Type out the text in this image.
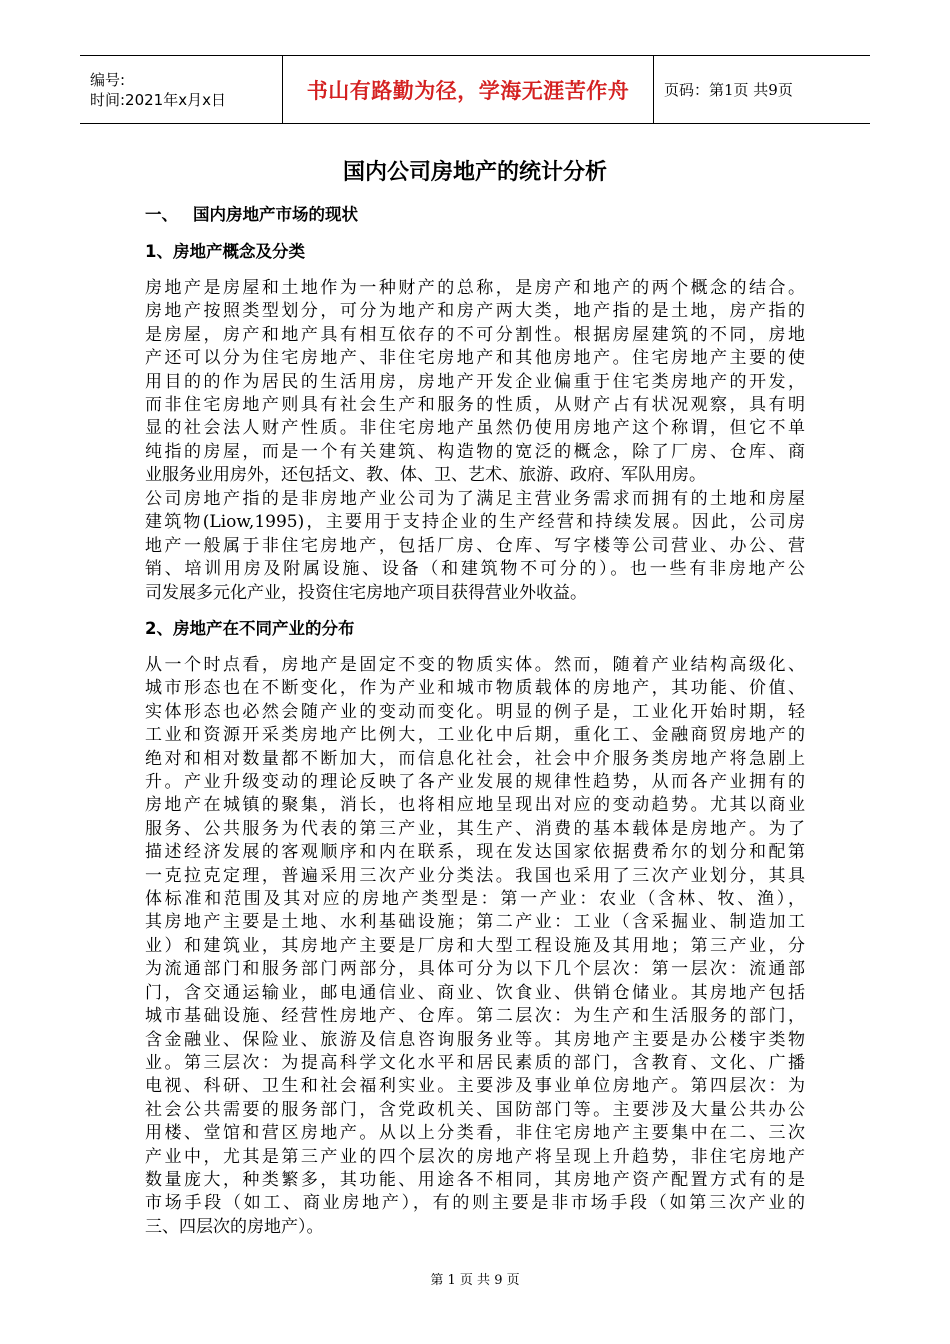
编号:
时间:2021年x月x日	书山有路勤为径，学海无涯苦作舟	页码：第1页 共9页
国内公司房地产的统计分析
一、 国内房地产市场的现状
1、房地产概念及分类
房地产是房屋和土地作为一种财产的总称，是房产和地产的两个概念的结合。
房地产按照类型划分，可分为地产和房产两大类，地产指的是土地，房产指的
是房屋，房产和地产具有相互依存的不可分割性。根据房屋建筑的不同，房地
产还可以分为住宅房地产、非住宅房地产和其他房地产。住宅房地产主要的使
用目的的作为居民的生活用房，房地产开发企业偏重于住宅类房地产的开发，
而非住宅房地产则具有社会生产和服务的性质，从财产占有状况观察，具有明
显的社会法人财产性质。非住宅房地产虽然仍使用房地产这个称谓，但它不单
纯指的房屋，而是一个有关建筑、构造物的宽泛的概念，除了厂房、仓库、商
业服务业用房外，还包括文、教、体、卫、艺术、旅游、政府、军队用房。
公司房地产指的是非房地产业公司为了满足主营业务需求而拥有的土地和房屋
建筑物(Liow,1995)，主要用于支持企业的生产经营和持续发展。因此，公司房
地产一般属于非住宅房地产，包括厂房、仓库、写字楼等公司营业、办公、营
销、培训用房及附属设施、设备（和建筑物不可分的）。也一些有非房地产公
司发展多元化产业，投资住宅房地产项目获得营业外收益。
2、房地产在不同产业的分布
从一个时点看，房地产是固定不变的物质实体。然而，随着产业结构高级化、
城市形态也在不断变化，作为产业和城市物质载体的房地产，其功能、价值、
实体形态也必然会随产业的变动而变化。明显的例子是，工业化开始时期，轻
工业和资源开采类房地产比例大，工业化中后期，重化工、金融商贸房地产的
绝对和相对数量都不断加大，而信息化社会，社会中介服务类房地产将急剧上
升。产业升级变动的理论反映了各产业发展的规律性趋势，从而各产业拥有的
房地产在城镇的聚集，消长，也将相应地呈现出对应的变动趋势。尤其以商业
服务、公共服务为代表的第三产业，其生产、消费的基本载体是房地产。为了
描述经济发展的客观顺序和内在联系，现在发达国家依据费希尔的划分和配第
一克拉克定理，普遍采用三次产业分类法。我国也采用了三次产业划分，其具
体标准和范围及其对应的房地产类型是：第一产业：农业（含林、牧、渔），
其房地产主要是土地、水利基础设施；第二产业：工业（含采掘业、制造加工
业）和建筑业，其房地产主要是厂房和大型工程设施及其用地；第三产业，分
为流通部门和服务部门两部分，具体可分为以下几个层次：第一层次：流通部
门，含交通运输业，邮电通信业、商业、饮食业、供销仓储业。其房地产包括
城市基础设施、经营性房地产、仓库。第二层次：为生产和生活服务的部门，
含金融业、保险业、旅游及信息咨询服务业等。其房地产主要是办公楼宇类物
业。第三层次：为提高科学文化水平和居民素质的部门，含教育、文化、广播
电视、科研、卫生和社会福利实业。主要涉及事业单位房地产。第四层次：为
社会公共需要的服务部门，含党政机关、国防部门等。主要涉及大量公共办公
用楼、堂馆和营区房地产。从以上分类看，非住宅房地产主要集中在二、三次
产业中，尤其是第三产业的四个层次的房地产将呈现上升趋势，非住宅房地产
数量庞大，种类繁多，其功能、用途各不相同，其房地产资产配置方式有的是
市场手段（如工、商业房地产），有的则主要是非市场手段（如第三次产业的
三、四层次的房地产）。
第 1 页 共 9 页
